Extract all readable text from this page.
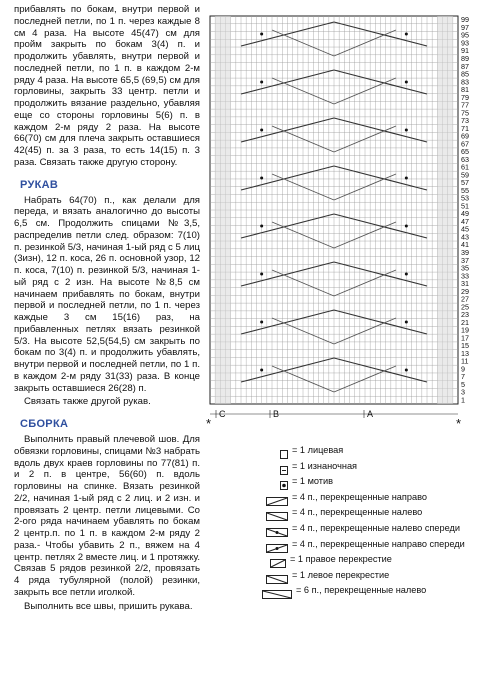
прибавлять по бокам, внутри первой и последней петли, по 1 п. через каждые 8 см 4 раза. На высоте 45(47) см для пройм закрыть по бокам 3(4) п. и продолжить убавлять, внутри первой и последней петли, по 1 п. в каждом 2-м ряду 4 раза. На высоте 65,5 (69,5) см для горловины, закрыть 33 центр. петли и продолжить вязание раздельно, убавляя еще со стороны горловины 5(6) п. в каждом 2-м ряду 2 раза. На высоте 66(70) см для плеча закрыть оставшиеся 42(45) п. за 3 раза, то есть 14(15) п. 3 раза. Связать также другую сторону.

РУКАВ

Набрать 64(70) п., как делали для переда, и вязать аналогично до высоты 6,5 см. Продолжить спицами №3,5, распределив петли след. образом: 7(10) п. резинкой 5/3, начиная 1-ый ряд с 5 лиц (3изн), 12 п. коса, 26 п. основной узор, 12 п. коса, 7(10) п. резинкой 5/3, начиная 1-ый ряд с 2 изн. На высоте №8,5 см начинаем прибавлять по бокам, внутри первой и последней петли, по 1 п. через каждые 3 см 15(16) раз, на прибавленных петлях вязать резинкой 5/3. На высоте 52,5(54,5) см закрыть по бокам по 3(4) п. и продолжить убавлять, внутри первой и последней петли, по 1 п. в каждом 2-м ряду 31(33) раза. В конце закрыть оставшиеся 26(28) п.

Связать также другой рукав.

СБОРКА

Выполнить правый плечевой шов. Для обвязки горловины, спицами №3 набрать вдоль двух краев горловины по 77(81) п. и 2 п. в центре, 56(60) п. вдоль горловины на спинке. Вязать резинкой 2/2, начиная 1-ый ряд с 2 лиц. и 2 изн. и провязать 2 центр. петли лицевыми. Со 2-ого ряда начинаем убавлять по бокам 2 центр.п. по 1 п. в каждом 2-м ряду 2 раза.- Чтобы убавить 2 п., вяжем на 4 центр. петлях 2 вместе лиц. и 1 протяжку. Связав 5 рядов резинкой 2/2, провязать 4 ряда тубулярной (полой) резинки, закрыть все петли иголкой.

Выполнить все швы, пришить рукава.

99
97
95
93
91
89
87
85
83
81
79
77
75
73
71
69
67
65
63
61
59
57
55
53
51
49
47
45
43
41
39
37
35
33
31
29
27
25
23
21
19
17
15
13
11
9
7
5
3
1
C	B	A
*	*
= 1 лицевая
= 1 изнаночная
= 1 мотив
= 4 п., перекрещенные направо
= 4 п., перекрещенные налево
= 4 п., перекрещенные налево спереди
= 4 п., перекрещенные направо спереди
= 1 правое перекрестие
= 1 левое перекрестие
= 6 п., перекрещенные налево
